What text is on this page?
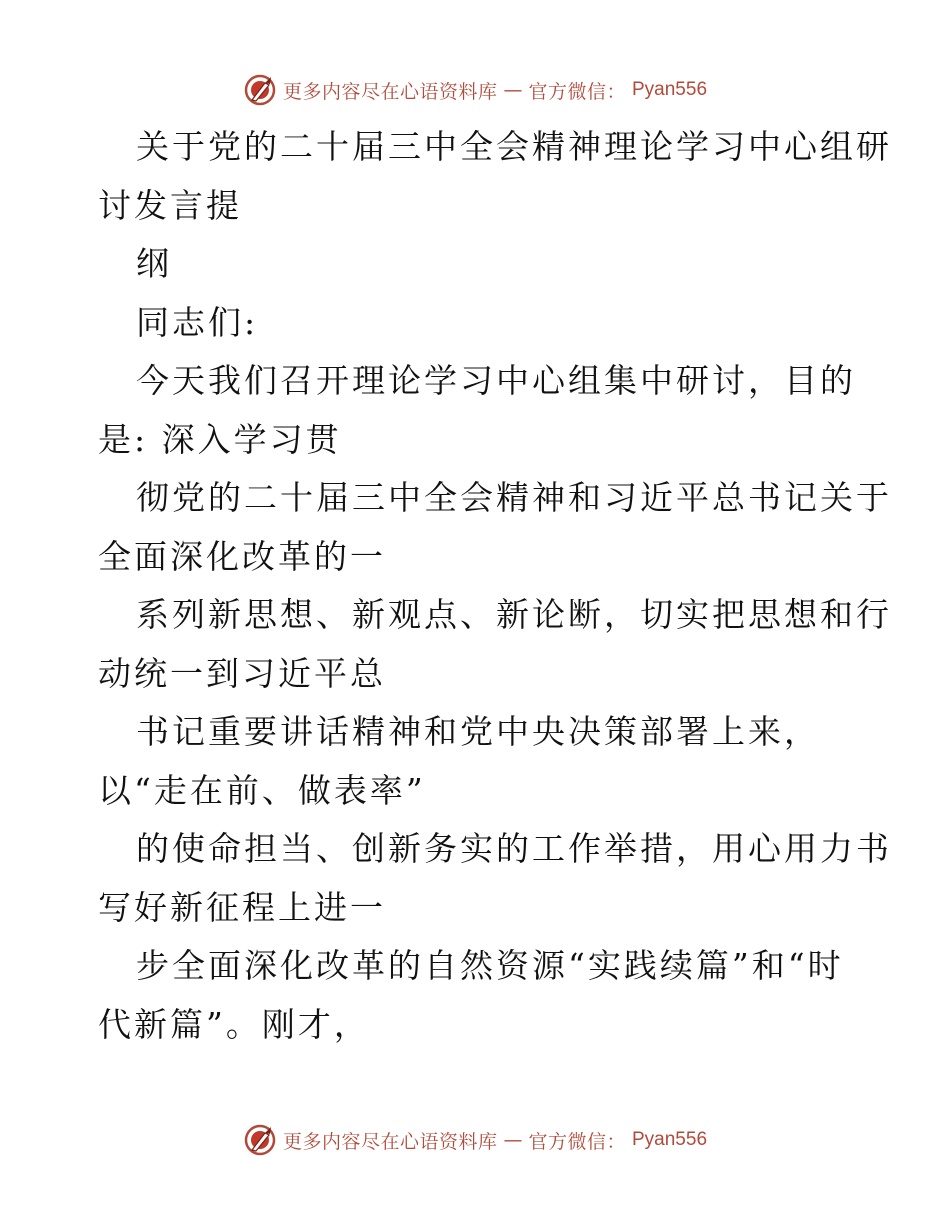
更多内容尽在心语资料库 — 官方微信： Pyan556
关于党的二十届三中全会精神理论学习中心组研
讨发言提
纲
同志们:
今天我们召开理论学习中心组集中研讨，目的
是: 深入学习贯
彻党的二十届三中全会精神和习近平总书记关于
全面深化改革的一
系列新思想、新观点、新论断，切实把思想和行
动统一到习近平总
书记重要讲话精神和党中央决策部署上来，
以“走在前、做表率”
的使命担当、创新务实的工作举措，用心用力书
写好新征程上进一
步全面深化改革的自然资源“实践续篇”和“时
代新篇”。刚才，
更多内容尽在心语资料库 — 官方微信： Pyan556
